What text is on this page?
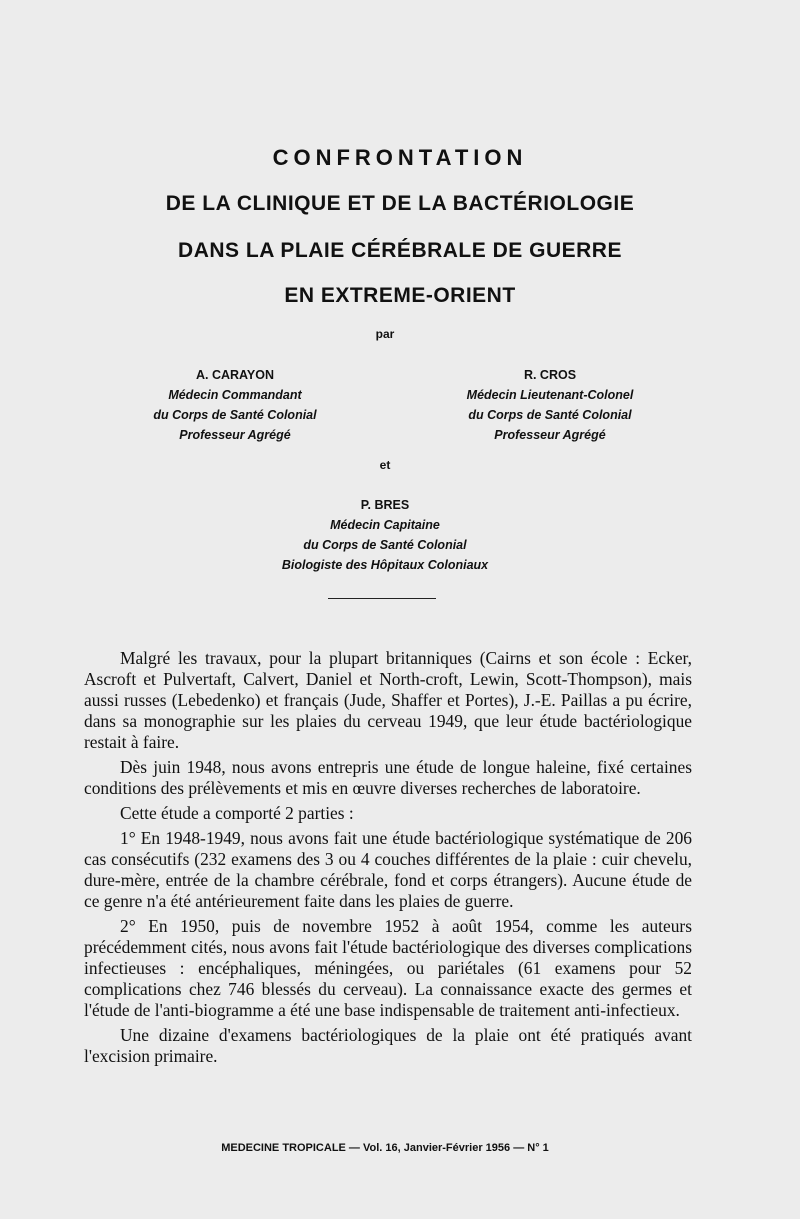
CONFRONTATION
DE LA CLINIQUE ET DE LA BACTÉRIOLOGIE
DANS LA PLAIE CÉRÉBRALE DE GUERRE
EN EXTREME-ORIENT
par
A. CARAYON
Médecin Commandant
du Corps de Santé Colonial
Professeur Agrégé
R. CROS
Médecin Lieutenant-Colonel
du Corps de Santé Colonial
Professeur Agrégé
et
P. BRES
Médecin Capitaine
du Corps de Santé Colonial
Biologiste des Hôpitaux Coloniaux

Malgré les travaux, pour la plupart britanniques (Cairns et son école : Ecker, Ascroft et Pulvertaft, Calvert, Daniel et North-croft, Lewin, Scott-Thompson), mais aussi russes (Lebedenko) et français (Jude, Shaffer et Portes), J.-E. Paillas a pu écrire, dans sa monographie sur les plaies du cerveau 1949, que leur étude bactériologique restait à faire.

Dès juin 1948, nous avons entrepris une étude de longue haleine, fixé certaines conditions des prélèvements et mis en œuvre diverses recherches de laboratoire.

Cette étude a comporté 2 parties :

1° En 1948-1949, nous avons fait une étude bactériologique systématique de 206 cas consécutifs (232 examens des 3 ou 4 couches différentes de la plaie : cuir chevelu, dure-mère, entrée de la chambre cérébrale, fond et corps étrangers). Aucune étude de ce genre n'a été antérieurement faite dans les plaies de guerre.

2° En 1950, puis de novembre 1952 à août 1954, comme les auteurs précédemment cités, nous avons fait l'étude bactériologique des diverses complications infectieuses : encéphaliques, méningées, ou pariétales (61 examens pour 52 complications chez 746 blessés du cerveau). La connaissance exacte des germes et l'étude de l'anti-biogramme a été une base indispensable de traitement anti-infectieux.

Une dizaine d'examens bactériologiques de la plaie ont été pratiqués avant l'excision primaire.

MEDECINE TROPICALE — Vol. 16, Janvier-Février 1956 — N° 1
